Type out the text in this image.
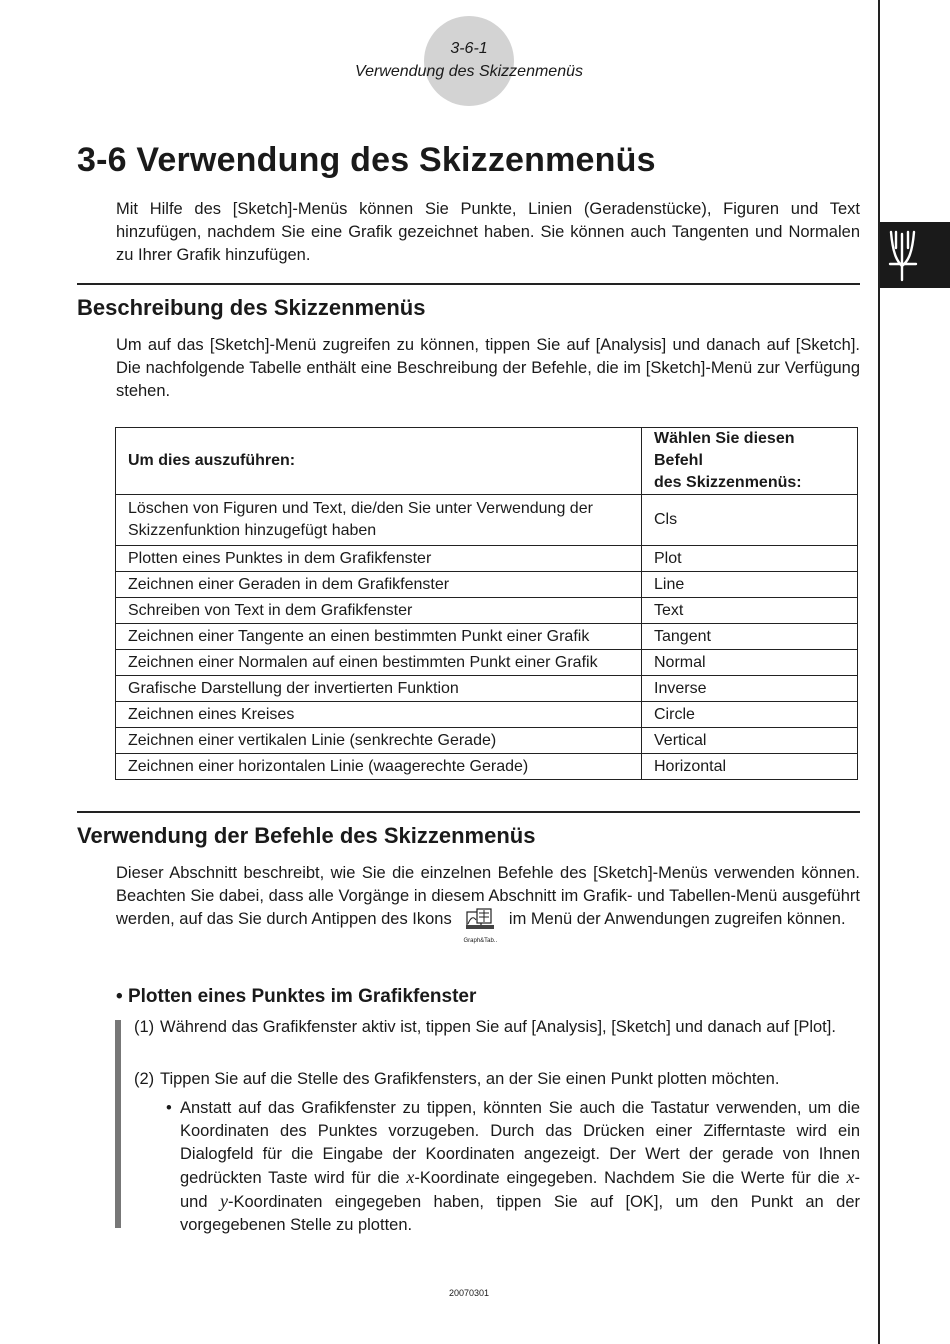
3-6-1
Verwendung des Skizzenmenüs
3-6 Verwendung des Skizzenmenüs

Mit Hilfe des [Sketch]-Menüs können Sie Punkte, Linien (Geradenstücke), Figuren und Text hinzufügen, nachdem Sie eine Grafik gezeichnet haben. Sie können auch Tangenten und Normalen zu Ihrer Grafik hinzufügen.

Beschreibung des Skizzenmenüs

Um auf das [Sketch]-Menü zugreifen zu können, tippen Sie auf [Analysis] und danach auf [Sketch]. Die nachfolgende Tabelle enthält eine Beschreibung der Befehle, die im [Sketch]-Menü zur Verfügung stehen.

Um dies auszuführen:	Wählen Sie diesen Befehl
des Skizzenmenüs:
Löschen von Figuren und Text, die/den Sie unter Verwendung der
Skizzenfunktion hinzugefügt haben	Cls
Plotten eines Punktes in dem Grafikfenster	Plot
Zeichnen einer Geraden in dem Grafikfenster	Line
Schreiben von Text in dem Grafikfenster	Text
Zeichnen einer Tangente an einen bestimmten Punkt einer Grafik	Tangent
Zeichnen einer Normalen auf einen bestimmten Punkt einer Grafik	Normal
Grafische Darstellung der invertierten Funktion	Inverse
Zeichnen eines Kreises	Circle
Zeichnen einer vertikalen Linie (senkrechte Gerade)	Vertical
Zeichnen einer horizontalen Linie (waagerechte Gerade)	Horizontal
Verwendung der Befehle des Skizzenmenüs

Dieser Abschnitt beschreibt, wie Sie die einzelnen Befehle des [Sketch]-Menüs verwenden können. Beachten Sie dabei, dass alle Vorgänge in diesem Abschnitt im Grafik- und Tabellen-Menü ausgeführt werden, auf das Sie durch Antippen des Ikons
Graph&Tab..
im Menü der Anwendungen zugreifen können.

• Plotten eines Punktes im Grafikfenster
(1) Während das Grafikfenster aktiv ist, tippen Sie auf [Analysis], [Sketch] und danach auf [Plot].
(2) Tippen Sie auf die Stelle des Grafikfensters, an der Sie einen Punkt plotten möchten.
• Anstatt auf das Grafikfenster zu tippen, könnten Sie auch die Tastatur verwenden, um die Koordinaten des Punktes vorzugeben. Durch das Drücken einer Zifferntaste wird ein Dialogfeld für die Eingabe der Koordinaten angezeigt. Der Wert der gerade von Ihnen gedrückten Taste wird für die x-Koordinate eingegeben. Nachdem Sie die Werte für die x- und y-Koordinaten eingegeben haben, tippen Sie auf [OK], um den Punkt an der vorgegebenen Stelle zu plotten.
20070301
